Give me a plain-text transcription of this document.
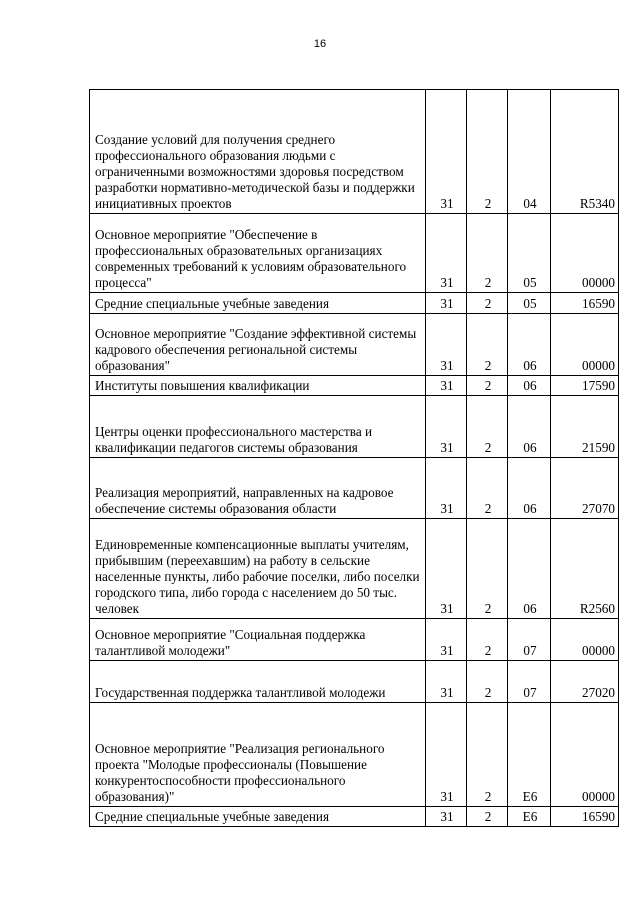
16
Создание условий для получения среднего профессионального образования людьми с ограниченными возможностями здоровья посредством разработки нормативно-методической базы и поддержки инициативных проектов	31	2	04	R5340
Основное мероприятие "Обеспечение в профессиональных образовательных организациях современных требований к условиям образовательного процесса"	31	2	05	00000
Средние специальные учебные заведения	31	2	05	16590
Основное мероприятие "Создание эффективной системы кадрового обеспечения региональной системы образования"	31	2	06	00000
Институты повышения квалификации	31	2	06	17590
Центры оценки профессионального мастерства и квалификации педагогов системы образования	31	2	06	21590
Реализация мероприятий, направленных на кадровое обеспечение системы образования области	31	2	06	27070
Единовременные компенсационные выплаты учителям, прибывшим (переехавшим) на работу в сельские населенные пункты, либо рабочие поселки, либо поселки городского типа, либо города с населением до 50 тыс. человек	31	2	06	R2560
Основное мероприятие "Социальная поддержка талантливой молодежи"	31	2	07	00000
Государственная поддержка талантливой молодежи	31	2	07	27020
Основное мероприятие "Реализация регионального проекта "Молодые профессионалы (Повышение конкурентоспособности профессионального образования)"	31	2	E6	00000
Средние специальные учебные заведения	31	2	E6	16590
